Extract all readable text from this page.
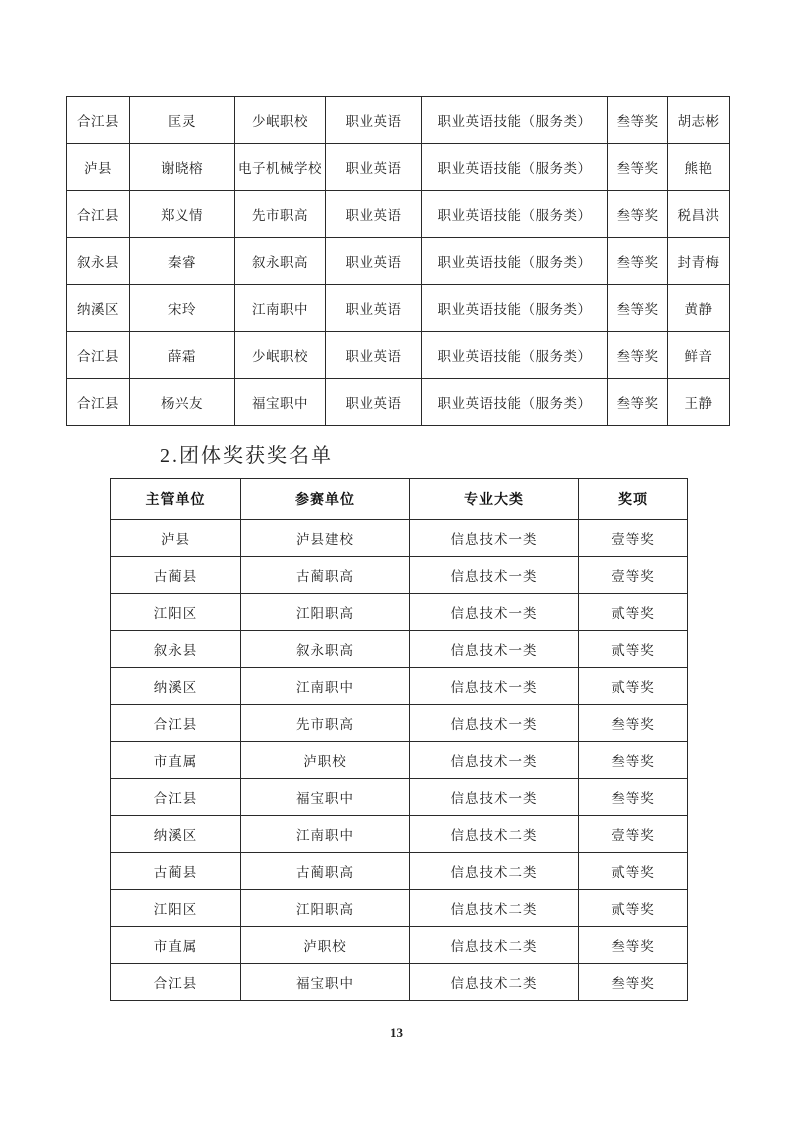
合江县	匡灵	少岷职校	职业英语	职业英语技能（服务类）	叁等奖	胡志彬
泸县	谢晓榕	电子机械学校	职业英语	职业英语技能（服务类）	叁等奖	熊艳
合江县	郑义情	先市职高	职业英语	职业英语技能（服务类）	叁等奖	税昌洪
叙永县	秦睿	叙永职高	职业英语	职业英语技能（服务类）	叁等奖	封青梅
纳溪区	宋玲	江南职中	职业英语	职业英语技能（服务类）	叁等奖	黄静
合江县	薛霜	少岷职校	职业英语	职业英语技能（服务类）	叁等奖	鲜音
合江县	杨兴友	福宝职中	职业英语	职业英语技能（服务类）	叁等奖	王静
2.团体奖获奖名单
主管单位	参赛单位	专业大类	奖项
泸县	泸县建校	信息技术一类	壹等奖
古蔺县	古蔺职高	信息技术一类	壹等奖
江阳区	江阳职高	信息技术一类	贰等奖
叙永县	叙永职高	信息技术一类	贰等奖
纳溪区	江南职中	信息技术一类	贰等奖
合江县	先市职高	信息技术一类	叁等奖
市直属	泸职校	信息技术一类	叁等奖
合江县	福宝职中	信息技术一类	叁等奖
纳溪区	江南职中	信息技术二类	壹等奖
古蔺县	古蔺职高	信息技术二类	贰等奖
江阳区	江阳职高	信息技术二类	贰等奖
市直属	泸职校	信息技术二类	叁等奖
合江县	福宝职中	信息技术二类	叁等奖
13
